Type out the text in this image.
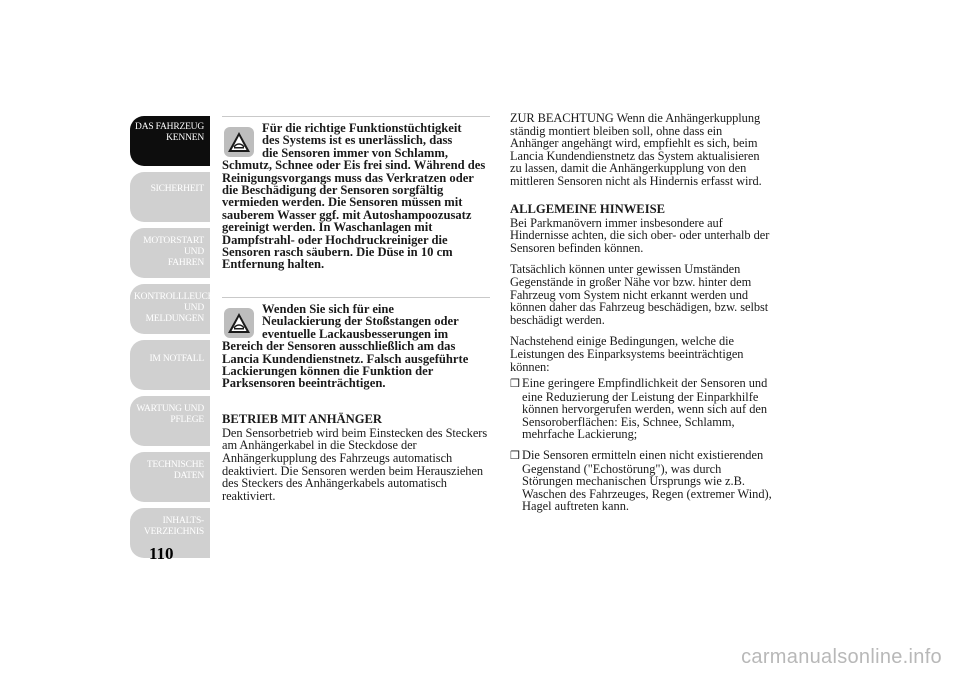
DAS FAHRZEUG
KENNEN
SICHERHEIT
MOTORSTART UND
FAHREN
KONTROLLLEUCHTEN
UND MELDUNGEN
IM NOTFALL
WARTUNG UND
PFLEGE
TECHNISCHE
DATEN
INHALTS-
VERZEICHNIS
110

Für die richtige Funktionstüchtigkeit
des Systems ist es unerlässlich, dass
die Sensoren immer von Schlamm,
Schmutz, Schnee oder Eis frei sind. Während des Reinigungsvorgangs muss das Verkratzen oder die Beschädigung der Sensoren sorgfältig vermieden werden. Die Sensoren müssen mit sauberem Wasser ggf. mit Autoshampoozusatz gereinigt werden. In Waschanlagen mit Dampfstrahl- oder Hochdruckreiniger die Sensoren rasch säubern. Die Düse in 10 cm Entfernung halten.

Wenden Sie sich für eine
Neulackierung der Stoßstangen oder
eventuelle Lackausbesserungen im
Bereich der Sensoren ausschließlich am das Lancia Kundendienstnetz. Falsch ausgeführte Lackierungen können die Funktion der Parksensoren beeinträchtigen.

BETRIEB MIT ANHÄNGER

Den Sensorbetrieb wird beim Einstecken des Steckers am Anhängerkabel in die Steckdose der Anhängerkupplung des Fahrzeugs automatisch deaktiviert. Die Sensoren werden beim Herausziehen des Steckers des Anhängerkabels automatisch reaktiviert.

ZUR BEACHTUNG Wenn die Anhängerkupplung ständig montiert bleiben soll, ohne dass ein Anhänger angehängt wird, empfiehlt es sich, beim Lancia Kundendienstnetz das System aktualisieren zu lassen, damit die Anhängerkupplung von den mittleren Sensoren nicht als Hindernis erfasst wird.

ALLGEMEINE HINWEISE

Bei Parkmanövern immer insbesondere auf Hindernisse achten, die sich ober- oder unterhalb der Sensoren befinden können.

Tatsächlich können unter gewissen Umständen Gegenstände in großer Nähe vor bzw. hinter dem Fahrzeug vom System nicht erkannt werden und können daher das Fahrzeug beschädigen, bzw. selbst beschädigt werden.

Nachstehend einige Bedingungen, welche die Leistungen des Einparksystems beeinträchtigen können:

❒ Eine geringere Empfindlichkeit der Sensoren und eine Reduzierung der Leistung der Einparkhilfe können hervorgerufen werden, wenn sich auf den Sensoroberflächen: Eis, Schnee, Schlamm, mehrfache Lackierung;
❒ Die Sensoren ermitteln einen nicht existierenden Gegenstand ("Echostörung"), was durch Störungen mechanischen Ursprungs wie z.B. Waschen des Fahrzeuges, Regen (extremer Wind), Hagel auftreten kann.
carmanualsonline.info
